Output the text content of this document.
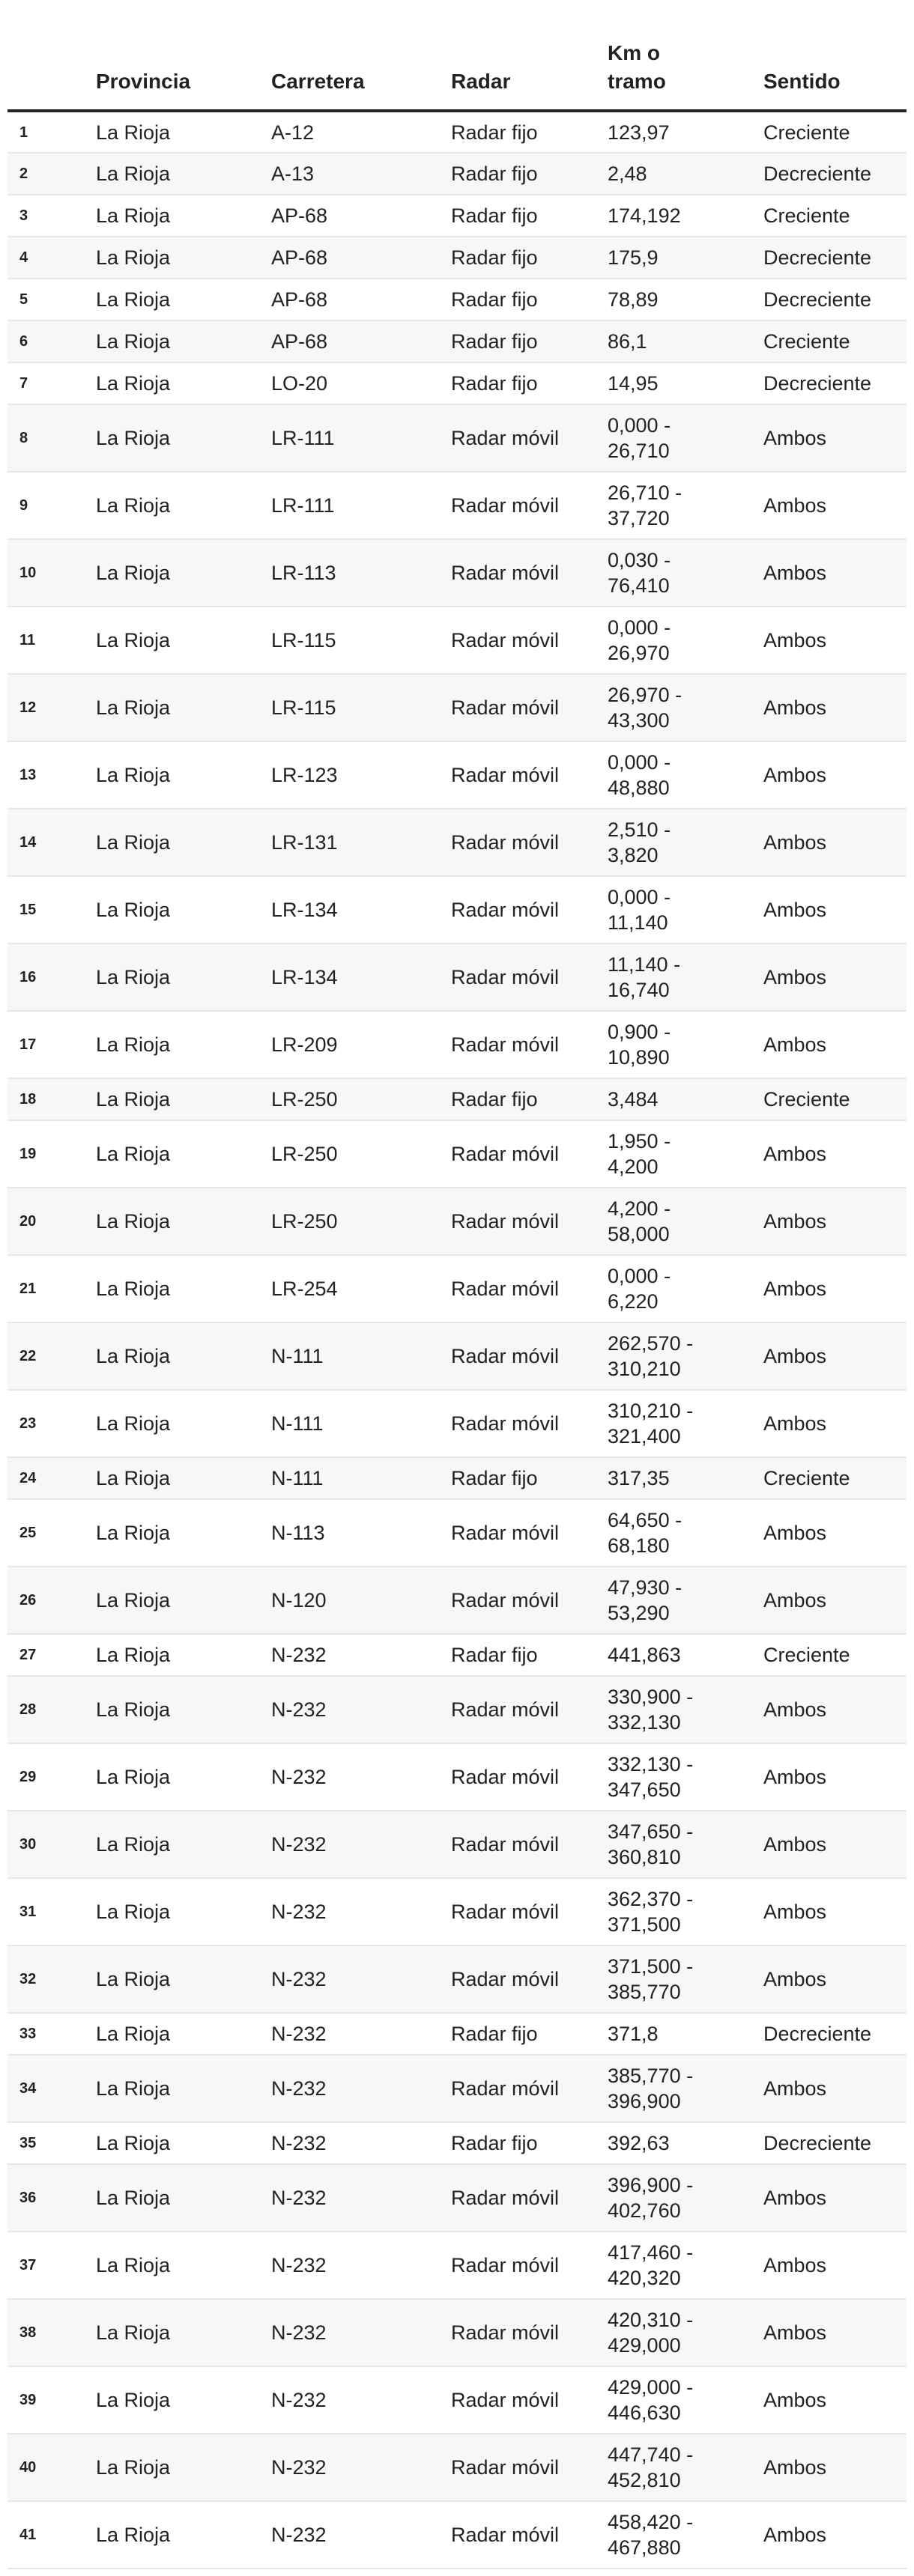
	Provincia	Carretera	Radar	Km o tramo	Sentido
1	La Rioja	A-12	Radar fijo	123,97	Creciente
2	La Rioja	A-13	Radar fijo	2,48	Decreciente
3	La Rioja	AP-68	Radar fijo	174,192	Creciente
4	La Rioja	AP-68	Radar fijo	175,9	Decreciente
5	La Rioja	AP-68	Radar fijo	78,89	Decreciente
6	La Rioja	AP-68	Radar fijo	86,1	Creciente
7	La Rioja	LO-20	Radar fijo	14,95	Decreciente
8	La Rioja	LR-111	Radar móvil	0,000 - 26,710	Ambos
9	La Rioja	LR-111	Radar móvil	26,710 - 37,720	Ambos
10	La Rioja	LR-113	Radar móvil	0,030 - 76,410	Ambos
11	La Rioja	LR-115	Radar móvil	0,000 - 26,970	Ambos
12	La Rioja	LR-115	Radar móvil	26,970 - 43,300	Ambos
13	La Rioja	LR-123	Radar móvil	0,000 - 48,880	Ambos
14	La Rioja	LR-131	Radar móvil	2,510 - 3,820	Ambos
15	La Rioja	LR-134	Radar móvil	0,000 - 11,140	Ambos
16	La Rioja	LR-134	Radar móvil	11,140 - 16,740	Ambos
17	La Rioja	LR-209	Radar móvil	0,900 - 10,890	Ambos
18	La Rioja	LR-250	Radar fijo	3,484	Creciente
19	La Rioja	LR-250	Radar móvil	1,950 - 4,200	Ambos
20	La Rioja	LR-250	Radar móvil	4,200 - 58,000	Ambos
21	La Rioja	LR-254	Radar móvil	0,000 - 6,220	Ambos
22	La Rioja	N-111	Radar móvil	262,570 - 310,210	Ambos
23	La Rioja	N-111	Radar móvil	310,210 - 321,400	Ambos
24	La Rioja	N-111	Radar fijo	317,35	Creciente
25	La Rioja	N-113	Radar móvil	64,650 - 68,180	Ambos
26	La Rioja	N-120	Radar móvil	47,930 - 53,290	Ambos
27	La Rioja	N-232	Radar fijo	441,863	Creciente
28	La Rioja	N-232	Radar móvil	330,900 - 332,130	Ambos
29	La Rioja	N-232	Radar móvil	332,130 - 347,650	Ambos
30	La Rioja	N-232	Radar móvil	347,650 - 360,810	Ambos
31	La Rioja	N-232	Radar móvil	362,370 - 371,500	Ambos
32	La Rioja	N-232	Radar móvil	371,500 - 385,770	Ambos
33	La Rioja	N-232	Radar fijo	371,8	Decreciente
34	La Rioja	N-232	Radar móvil	385,770 - 396,900	Ambos
35	La Rioja	N-232	Radar fijo	392,63	Decreciente
36	La Rioja	N-232	Radar móvil	396,900 - 402,760	Ambos
37	La Rioja	N-232	Radar móvil	417,460 - 420,320	Ambos
38	La Rioja	N-232	Radar móvil	420,310 - 429,000	Ambos
39	La Rioja	N-232	Radar móvil	429,000 - 446,630	Ambos
40	La Rioja	N-232	Radar móvil	447,740 - 452,810	Ambos
41	La Rioja	N-232	Radar móvil	458,420 - 467,880	Ambos
